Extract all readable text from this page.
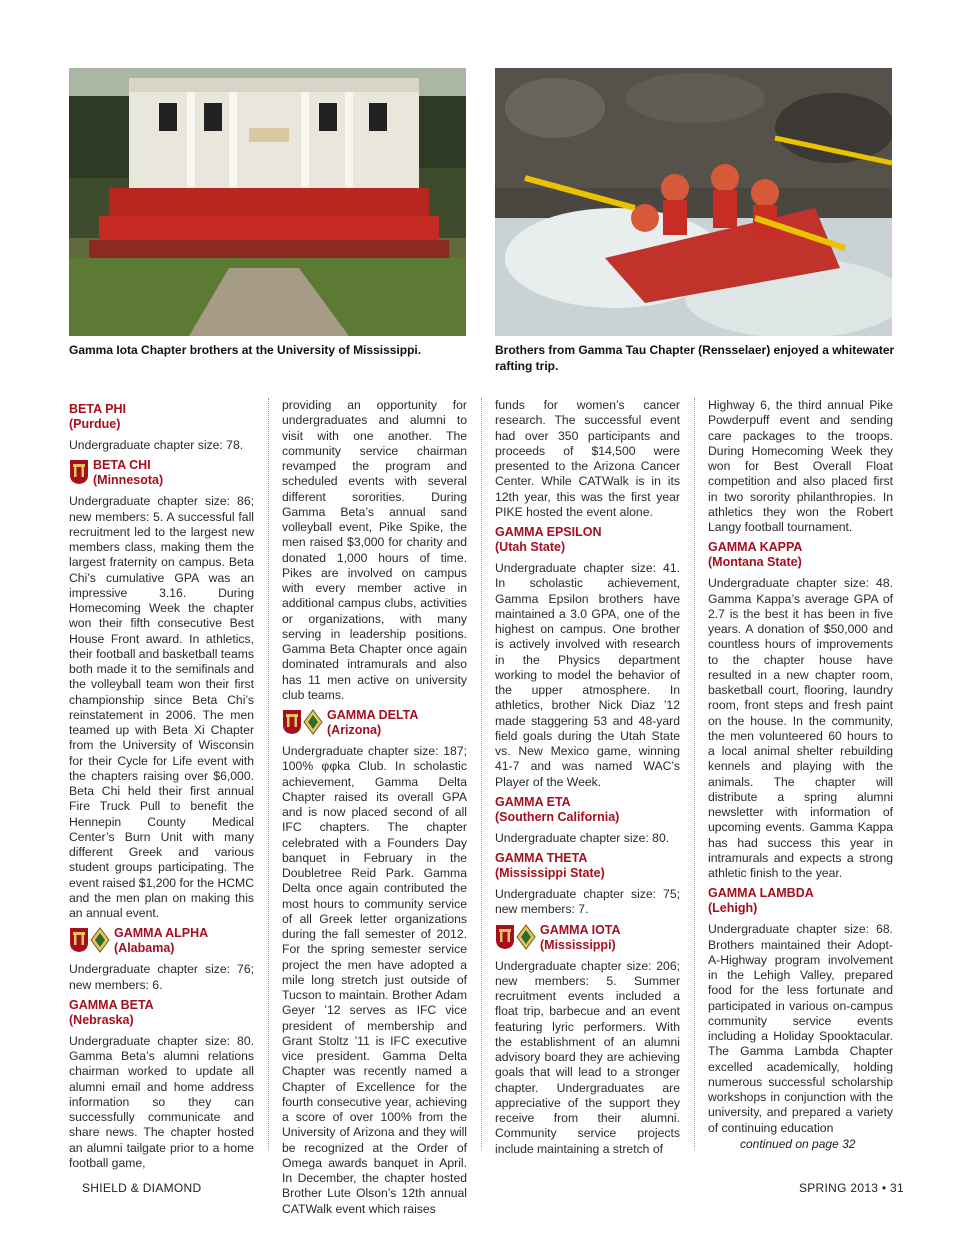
Gamma Iota Chapter brothers at the University of Mississippi.	Brothers from Gamma Tau Chapter (Rensselaer) enjoyed a whitewater rafting trip.
BETA PHI
(Purdue)

Undergraduate chapter size: 78.

BETA CHI
(Minnesota)

Undergraduate chapter size: 86; new members: 5. A successful fall recruitment led to the largest new members class, making them the largest fraternity on campus. Beta Chi’s cumulative GPA was an impressive 3.16. During Homecoming Week the chapter won their fifth consecutive Best House Front award. In athletics, their football and basketball teams both made it to the semifinals and the volleyball team won their first championship since Beta Chi’s reinstatement in 2006. The men teamed up with Beta Xi Chapter from the University of Wisconsin for their Cycle for Life event with the chapters raising over $6,000. Beta Chi held their first annual Fire Truck Pull to benefit the Hennepin County Medical Center’s Burn Unit with many different Greek and various student groups participating. The event raised $1,200 for the HCMC and the men plan on making this an annual event.

GAMMA ALPHA
(Alabama)

Undergraduate chapter size: 76; new members: 6.

GAMMA BETA
(Nebraska)

Undergraduate chapter size: 80. Gamma Beta’s alumni relations chairman worked to update all alumni email and home address information so they can successfully communicate and share news. The chapter hosted an alumni tailgate prior to a home football game,

providing an opportunity for undergraduates and alumni to visit with one another. The community service chairman revamped the program and scheduled events with several different sororities. During Gamma Beta’s annual sand volleyball event, Pike Spike, the men raised $3,000 for charity and donated 1,000 hours of time. Pikes are involved on campus with every member active in additional campus clubs, activities or organizations, with many serving in leadership positions. Gamma Beta Chapter once again dominated intramurals and also has 11 men active on university club teams.

GAMMA DELTA
(Arizona)

Undergraduate chapter size: 187; 100% φφka Club. In scholastic achievement, Gamma Delta Chapter raised its overall GPA and is now placed second of all IFC chapters. The chapter celebrated with a Founders Day banquet in February in the Doubletree Reid Park. Gamma Delta once again contributed the most hours to community service of all Greek letter organizations during the fall semester of 2012. For the spring semester service project the men have adopted a mile long stretch just outside of Tucson to maintain. Brother Adam Geyer ’12 serves as IFC vice president of membership and Grant Stoltz ’11 is IFC executive vice president. Gamma Delta Chapter was recently named a Chapter of Excellence for the fourth consecutive year, achieving a score of over 100% from the University of Arizona and they will be recognized at the Order of Omega awards banquet in April. In December, the chapter hosted Brother Lute Olson’s 12th annual CATWalk event which raises

funds for women’s cancer research. The successful event had over 350 participants and proceeds of $14,500 were presented to the Arizona Cancer Center. While CATWalk is in its 12th year, this was the first year PIKE hosted the event alone.

GAMMA EPSILON
(Utah State)

Undergraduate chapter size: 41. In scholastic achievement, Gamma Epsilon brothers have maintained a 3.0 GPA, one of the highest on campus. One brother is actively involved with research in the Physics department working to model the behavior of the upper atmosphere. In athletics, brother Nick Diaz ’12 made staggering 53 and 48-yard field goals during the Utah State vs. New Mexico game, winning 41-7 and was named WAC’s Player of the Week.

GAMMA ETA
(Southern California)

Undergraduate chapter size: 80.

GAMMA THETA
(Mississippi State)

Undergraduate chapter size: 75; new members: 7.

GAMMA IOTA
(Mississippi)

Undergraduate chapter size: 206; new members: 5. Summer recruitment events included a float trip, barbecue and an event featuring lyric performers. With the establishment of an alumni advisory board they are achieving goals that will lead to a stronger chapter. Undergraduates are appreciative of the support they receive from their alumni. Community service projects include maintaining a stretch of

Highway 6, the third annual Pike Powderpuff event and sending care packages to the troops. During Homecoming Week they won for Best Overall Float competition and also placed first in two sorority philanthropies. In athletics they won the Robert Langy football tournament.

GAMMA KAPPA
(Montana State)

Undergraduate chapter size: 48. Gamma Kappa’s average GPA of 2.7 is the best it has been in five years. A donation of $50,000 and countless hours of improvements to the chapter house have resulted in a new chapter room, basketball court, flooring, laundry room, front steps and fresh paint on the house. In the community, the men volunteered 60 hours to a local animal shelter rebuilding kennels and playing with the animals. The chapter will distribute a spring alumni newsletter with information of upcoming events. Gamma Kappa has had success this year in intramurals and expects a strong athletic finish to the year.

GAMMA LAMBDA
(Lehigh)

Undergraduate chapter size: 68. Brothers maintained their Adopt-A-Highway program involvement in the Lehigh Valley, prepared food for the less fortunate and participated in various on-campus community service events including a Holiday Spooktacular. The Gamma Lambda Chapter excelled academically, holding numerous successful scholarship workshops in conjunction with the university, and prepared a variety of continuing education

continued on page 32
SHIELD & DIAMOND	SPRING 2013 • 31
